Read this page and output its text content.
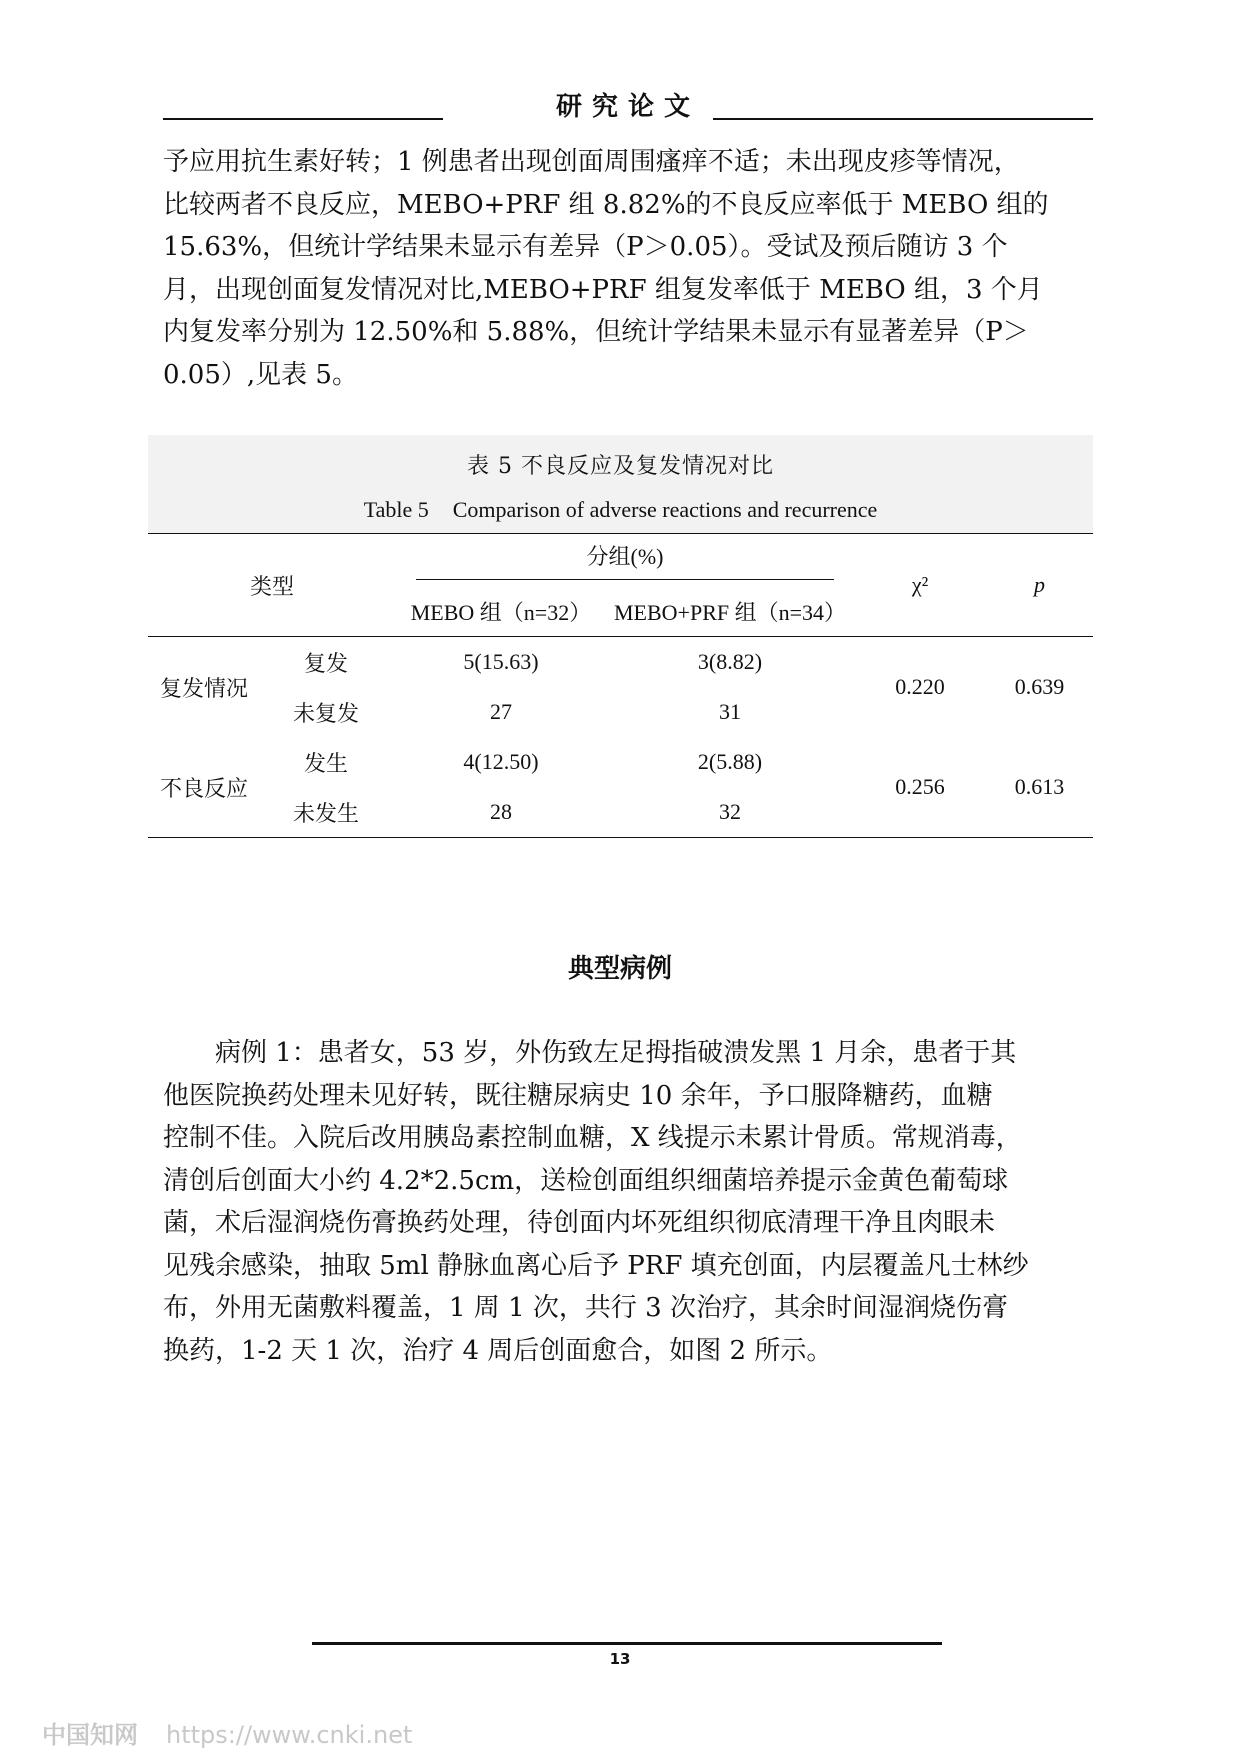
研究论文

予应用抗生素好转；1 例患者出现创面周围瘙痒不适；未出现皮疹等情况，
比较两者不良反应，MEBO+PRF 组 8.82%的不良反应率低于 MEBO 组的
15.63%，但统计学结果未显示有差异（P＞0.05）。受试及预后随访 3 个
月，出现创面复发情况对比,MEBO+PRF 组复发率低于 MEBO 组，3 个月
内复发率分别为 12.50%和 5.88%，但统计学结果未显示有显著差异（P＞
0.05）,见表 5。

表 5 不良反应及复发情况对比
Table 5 Comparison of adverse reactions and recurrence
类型		分组(%)		χ²	p
		MEBO 组（n=32）	MEBO+PRF 组（n=34）		
复发情况	复发	5(15.63)	3(8.82)	0.220	0.639
	未复发	27	31		
不良反应	发生	4(12.50)	2(5.88)	0.256	0.613
	未发生	28	32		
典型病例

病例 1：患者女，53 岁，外伤致左足拇指破溃发黑 1 月余，患者于其
他医院换药处理未见好转，既往糖尿病史 10 余年，予口服降糖药，血糖
控制不佳。入院后改用胰岛素控制血糖，X 线提示未累计骨质。常规消毒，
清创后创面大小约 4.2*2.5cm，送检创面组织细菌培养提示金黄色葡萄球
菌，术后湿润烧伤膏换药处理，待创面内坏死组织彻底清理干净且肉眼未
见残余感染，抽取 5ml 静脉血离心后予 PRF 填充创面，内层覆盖凡士林纱
布，外用无菌敷料覆盖，1 周 1 次，共行 3 次治疗，其余时间湿润烧伤膏
换药，1-2 天 1 次，治疗 4 周后创面愈合，如图 2 所示。

13
中国知网 https://www.cnki.net
